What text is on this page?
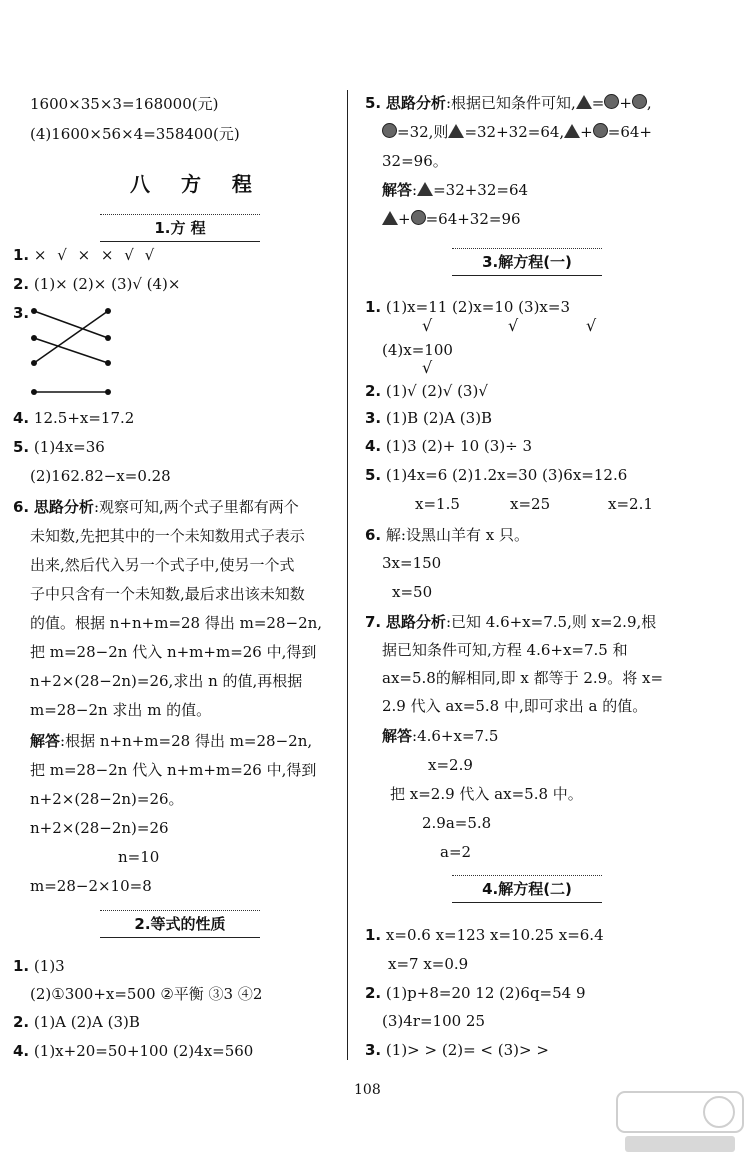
1600×35×3=168000(元)
(4)1600×56×4=358400(元)
八 方 程
1.方 程
1. × √ × × √ √
2. (1)× (2)× (3)√ (4)×
3.
4. 12.5+x=17.2
5. (1)4x=36
(2)162.82−x=0.28
6. 思路分析:观察可知,两个式子里都有两个
未知数,先把其中的一个未知数用式子表示
出来,然后代入另一个式子中,使另一个式
子中只含有一个未知数,最后求出该未知数
的值。根据 n+n+m=28 得出 m=28−2n,
把 m=28−2n 代入 n+m+m=26 中,得到
n+2×(28−2n)=26,求出 n 的值,再根据
m=28−2n 求出 m 的值。
解答:根据 n+n+m=28 得出 m=28−2n,
把 m=28−2n 代入 n+m+m=26 中,得到
n+2×(28−2n)=26。
n+2×(28−2n)=26
n=10
m=28−2×10=8
2.等式的性质
1. (1)3
(2)①300+x=500 ②平衡 ③3 ④2
2. (1)A (2)A (3)B
4. (1)x+20=50+100 (2)4x=560
5. 思路分析:根据已知条件可知, = + ,
=32,则 =32+32=64, + =64+
32=96。
解答: =32+32=64
+ =64+32=96
3.解方程(一)
1. (1)x=11 (2)x=10 (3)x=3
√	√	√
(4)x=100
√
2. (1)√ (2)√ (3)√
3. (1)B (2)A (3)B
4. (1)3 (2)+ 10 (3)÷ 3
5. (1)4x=6 (2)1.2x=30 (3)6x=12.6
x=1.5	x=25	x=2.1
6. 解:设黑山羊有 x 只。
3x=150
x=50
7. 思路分析:已知 4.6+x=7.5,则 x=2.9,根
据已知条件可知,方程 4.6+x=7.5 和
ax=5.8的解相同,即 x 都等于 2.9。将 x=
2.9 代入 ax=5.8 中,即可求出 a 的值。
解答:4.6+x=7.5
x=2.9
把 x=2.9 代入 ax=5.8 中。
2.9a=5.8
a=2
4.解方程(二)
1. x=0.6 x=123 x=10.25 x=6.4
x=7 x=0.9
2. (1)p+8=20 12 (2)6q=54 9
(3)4r=100 25
3. (1)> > (2)= < (3)> >
108
